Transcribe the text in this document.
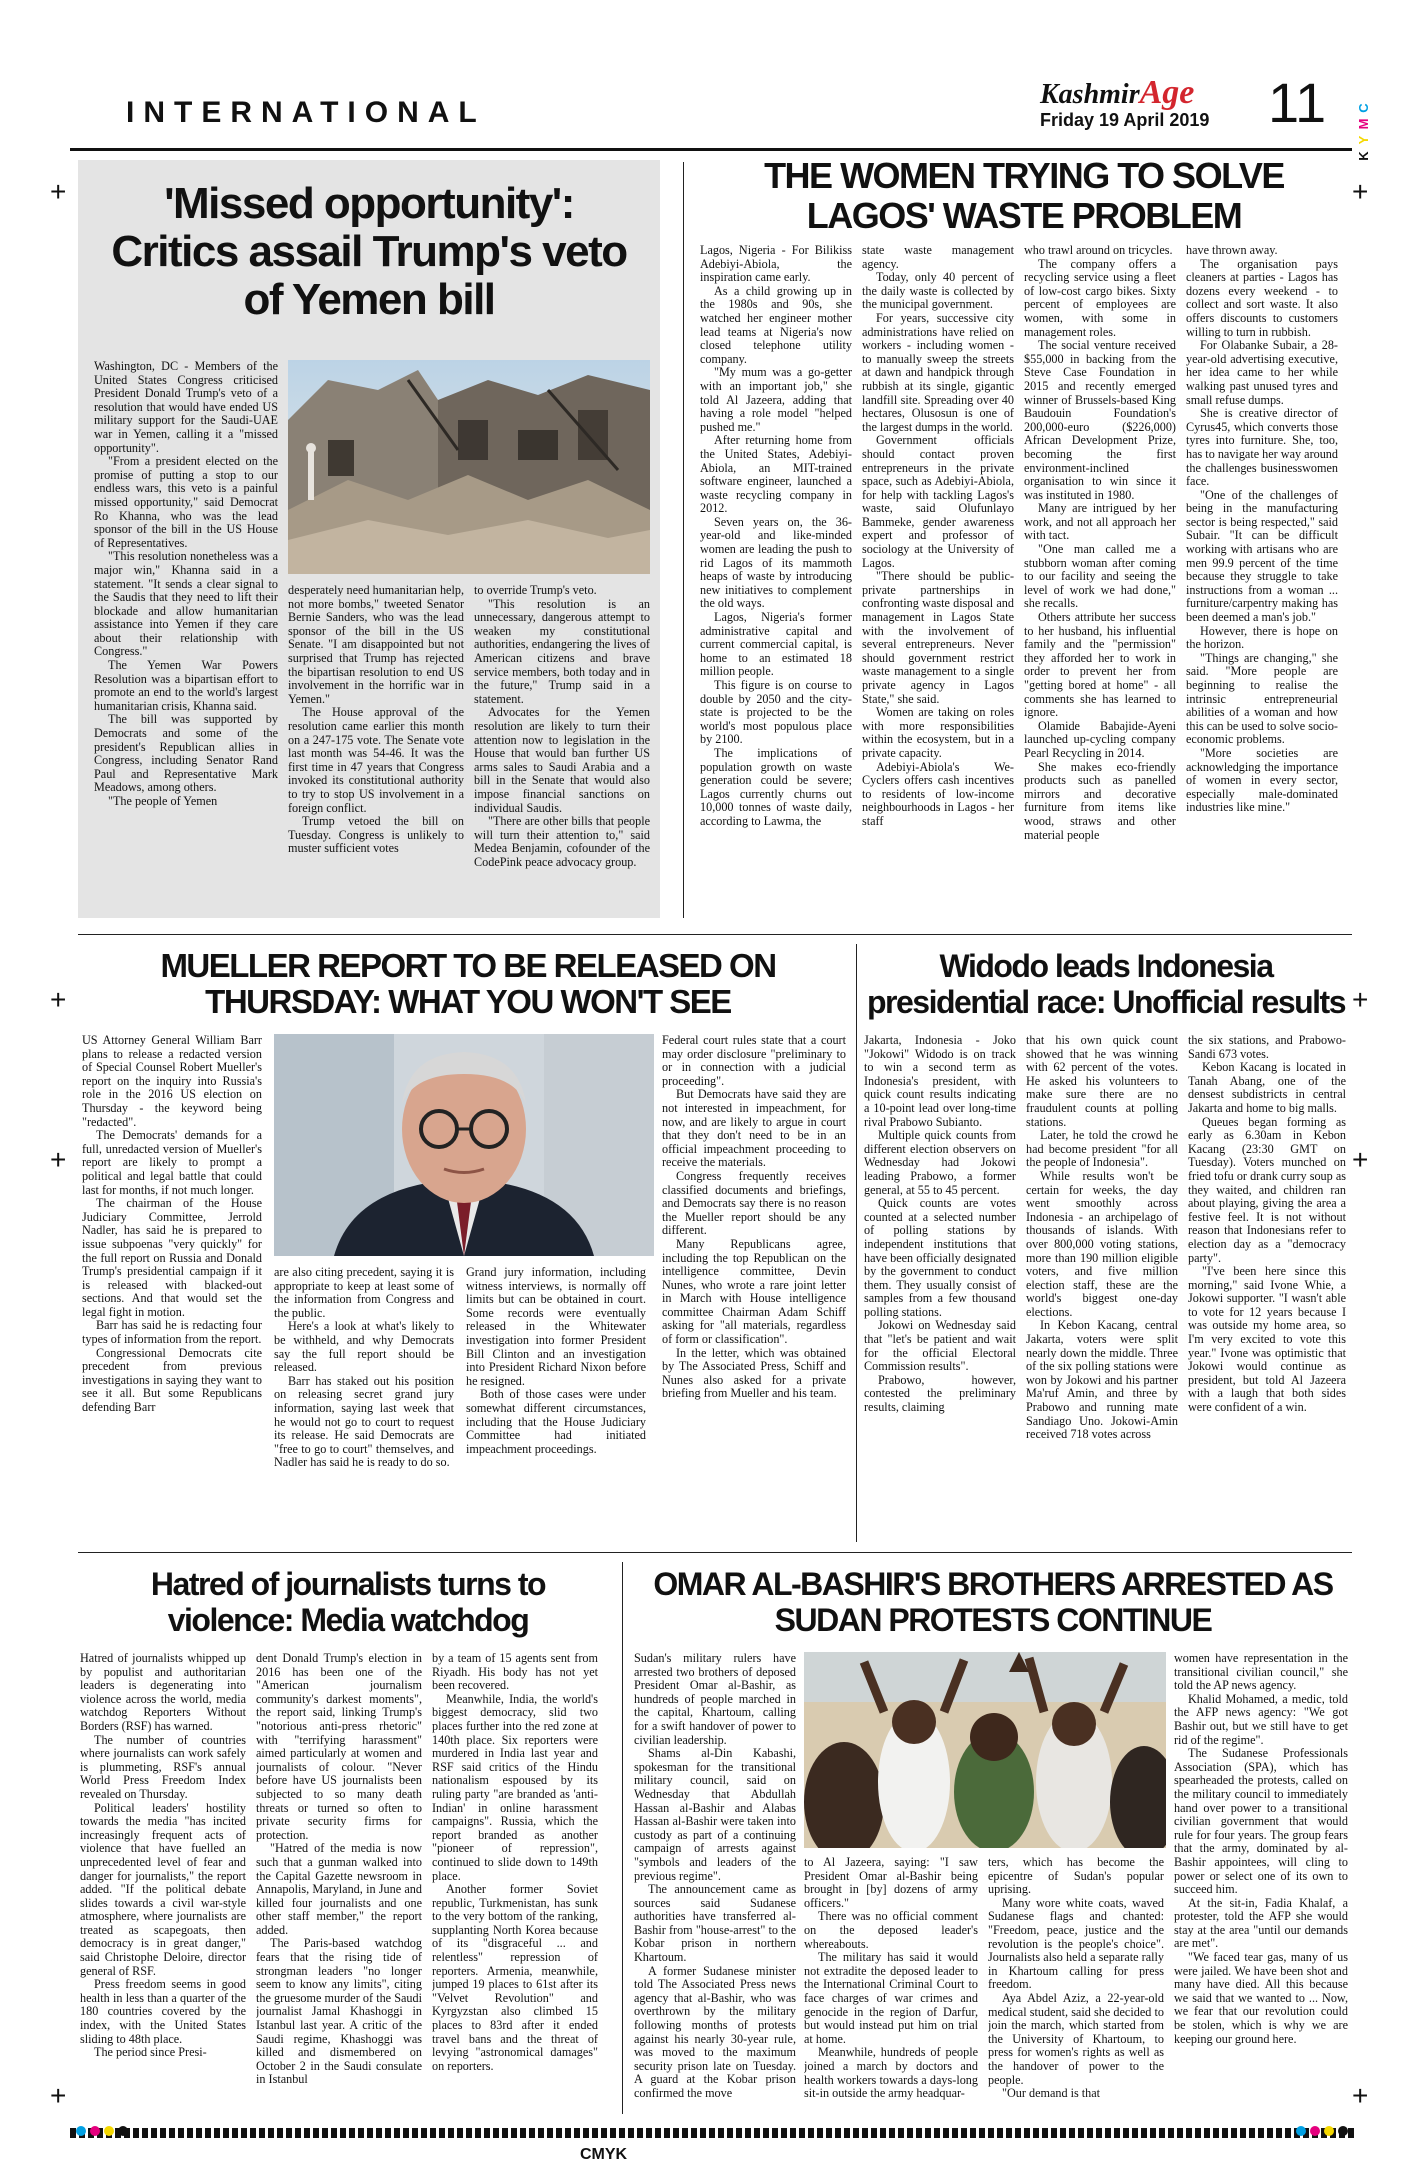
INTERNATIONAL
KashmirAge
Friday 19 April 2019 11 C
M
Y
K
+	+
+	+
+	+
+	+
'Missed opportunity': Critics assail Trump's veto of Yemen bill

Washington, DC - Members of the United States Congress criticised President Donald Trump's veto of a resolution that would have ended US military support for the Saudi-UAE war in Yemen, calling it a "missed opportunity".

"From a president elected on the promise of putting a stop to our endless wars, this veto is a painful missed opportunity," said Democrat Ro Khanna, who was the lead sponsor of the bill in the US House of Representatives.

"This resolution nonetheless was a major win," Khanna said in a statement. "It sends a clear signal to the Saudis that they need to lift their blockade and allow humanitarian assistance into Yemen if they care about their relationship with Congress."

The Yemen War Powers Resolution was a bipartisan effort to promote an end to the world's largest humanitarian crisis, Khanna said.

The bill was supported by Democrats and some of the president's Republican allies in Congress, including Senator Rand Paul and Representative Mark Meadows, among others.

"The people of Yemen

desperately need humanitarian help, not more bombs," tweeted Senator Bernie Sanders, who was the lead sponsor of the bill in the US Senate. "I am disappointed but not surprised that Trump has rejected the bipartisan resolution to end US involvement in the horrific war in Yemen."

The House approval of the resolution came earlier this month on a 247-175 vote. The Senate vote last month was 54-46. It was the first time in 47 years that Congress invoked its constitutional authority to try to stop US involvement in a foreign conflict.

Trump vetoed the bill on Tuesday. Congress is unlikely to muster sufficient votes

to override Trump's veto.

"This resolution is an unnecessary, dangerous attempt to weaken my constitutional authorities, endangering the lives of American citizens and brave service members, both today and in the future," Trump said in a statement.

Advocates for the Yemen resolution are likely to turn their attention now to legislation in the House that would ban further US arms sales to Saudi Arabia and a bill in the Senate that would also impose financial sanctions on individual Saudis.

"There are other bills that people will turn their attention to," said Medea Benjamin, cofounder of the CodePink peace advocacy group.

THE WOMEN TRYING TO SOLVE LAGOS' WASTE PROBLEM

Lagos, Nigeria - For Bilikiss Adebiyi-Abiola, the inspiration came early.

As a child growing up in the 1980s and 90s, she watched her engineer mother lead teams at Nigeria's now closed telephone utility company.

"My mum was a go-getter with an important job," she told Al Jazeera, adding that having a role model "helped pushed me."

After returning home from the United States, Adebiyi-Abiola, an MIT-trained software engineer, launched a waste recycling company in 2012.

Seven years on, the 36-year-old and like-minded women are leading the push to rid Lagos of its mammoth heaps of waste by introducing new initiatives to complement the old ways.

Lagos, Nigeria's former administrative capital and current commercial capital, is home to an estimated 18 million people.

This figure is on course to double by 2050 and the city-state is projected to be the world's most populous place by 2100.

The implications of population growth on waste generation could be severe; Lagos currently churns out 10,000 tonnes of waste daily, according to Lawma, the

state waste management agency.

Today, only 40 percent of the daily waste is collected by the municipal government.

For years, successive city administrations have relied on workers - including women - to manually sweep the streets at dawn and handpick through rubbish at its single, gigantic landfill site. Spreading over 40 hectares, Olusosun is one of the largest dumps in the world.

Government officials should contact proven entrepreneurs in the private space, such as Adebiyi-Abiola, for help with tackling Lagos's waste, said Olufunlayo Bammeke, gender awareness expert and professor of sociology at the University of Lagos.

"There should be public-private partnerships in confronting waste disposal and management in Lagos State with the involvement of several entrepreneurs. Never should government restrict waste management to a single private agency in Lagos State," she said.

Women are taking on roles with more responsibilities within the ecosystem, but in a private capacity.

Adebiyi-Abiola's We-Cyclers offers cash incentives to residents of low-income neighbourhoods in Lagos - her staff

who trawl around on tricycles.

The company offers a recycling service using a fleet of low-cost cargo bikes. Sixty percent of employees are women, with some in management roles.

The social venture received $55,000 in backing from the Steve Case Foundation in 2015 and recently emerged winner of Brussels-based King Baudouin Foundation's 200,000-euro ($226,000) African Development Prize, becoming the first environment-inclined organisation to win since it was instituted in 1980.

Many are intrigued by her work, and not all approach her with tact.

"One man called me a stubborn woman after coming to our facility and seeing the level of work we had done," she recalls.

Others attribute her success to her husband, his influential family and the "permission" they afforded her to work in order to prevent her from "getting bored at home" - all comments she has learned to ignore.

Olamide Babajide-Ayeni launched up-cycling company Pearl Recycling in 2014.

She makes eco-friendly products such as panelled mirrors and decorative furniture from items like wood, straws and other material people

have thrown away.

The organisation pays cleaners at parties - Lagos has dozens every weekend - to collect and sort waste. It also offers discounts to customers willing to turn in rubbish.

For Olabanke Subair, a 28-year-old advertising executive, her idea came to her while walking past unused tyres and small refuse dumps.

She is creative director of Cyrus45, which converts those tyres into furniture. She, too, has to navigate her way around the challenges businesswomen face.

"One of the challenges of being in the manufacturing sector is being respected," said Subair. "It can be difficult working with artisans who are men 99.9 percent of the time because they struggle to take instructions from a woman ... furniture/carpentry making has been deemed a man's job."

However, there is hope on the horizon.

"Things are changing," she said. "More people are beginning to realise the intrinsic entrepreneurial abilities of a woman and how this can be used to solve socio-economic problems.

"More societies are acknowledging the importance of women in every sector, especially male-dominated industries like mine."

MUELLER REPORT TO BE RELEASED ON THURSDAY: WHAT YOU WON'T SEE

US Attorney General William Barr plans to release a redacted version of Special Counsel Robert Mueller's report on the inquiry into Russia's role in the 2016 US election on Thursday - the keyword being "redacted".

The Democrats' demands for a full, unredacted version of Mueller's report are likely to prompt a political and legal battle that could last for months, if not much longer.

The chairman of the House Judiciary Committee, Jerrold Nadler, has said he is prepared to issue subpoenas "very quickly" for the full report on Russia and Donald Trump's presidential campaign if it is released with blacked-out sections. And that would set the legal fight in motion.

Barr has said he is redacting four types of information from the report.

Congressional Democrats cite precedent from previous investigations in saying they want to see it all. But some Republicans defending Barr

are also citing precedent, saying it is appropriate to keep at least some of the information from Congress and the public.

Here's a look at what's likely to be withheld, and why Democrats say the full report should be released.

Barr has staked out his position on releasing secret grand jury information, saying last week that he would not go to court to request its release. He said Democrats are "free to go to court" themselves, and Nadler has said he is ready to do so.

Grand jury information, including witness interviews, is normally off limits but can be obtained in court. Some records were eventually released in the Whitewater investigation into former President Bill Clinton and an investigation into President Richard Nixon before he resigned.

Both of those cases were under somewhat different circumstances, including that the House Judiciary Committee had initiated impeachment proceedings.

Federal court rules state that a court may order disclosure "preliminary to or in connection with a judicial proceeding".

But Democrats have said they are not interested in impeachment, for now, and are likely to argue in court that they don't need to be in an official impeachment proceeding to receive the materials.

Congress frequently receives classified documents and briefings, and Democrats say there is no reason the Mueller report should be any different.

Many Republicans agree, including the top Republican on the intelligence committee, Devin Nunes, who wrote a rare joint letter in March with House intelligence committee Chairman Adam Schiff asking for "all materials, regardless of form or classification".

In the letter, which was obtained by The Associated Press, Schiff and Nunes also asked for a private briefing from Mueller and his team.

Widodo leads Indonesia presidential race: Unofficial results

Jakarta, Indonesia - Joko "Jokowi" Widodo is on track to win a second term as Indonesia's president, with quick count results indicating a 10-point lead over long-time rival Prabowo Subianto.

Multiple quick counts from different election observers on Wednesday had Jokowi leading Prabowo, a former general, at 55 to 45 percent.

Quick counts are votes counted at a selected number of polling stations by independent institutions that have been officially designated by the government to conduct them. They usually consist of samples from a few thousand polling stations.

Jokowi on Wednesday said that "let's be patient and wait for the official Electoral Commission results".

Prabowo, however, contested the preliminary results, claiming

that his own quick count showed that he was winning with 62 percent of the votes. He asked his volunteers to make sure there are no fraudulent counts at polling stations.

Later, he told the crowd he had become president "for all the people of Indonesia".

While results won't be certain for weeks, the day went smoothly across Indonesia - an archipelago of thousands of islands. With over 800,000 voting stations, more than 190 million eligible voters, and five million election staff, these are the world's biggest one-day elections.

In Kebon Kacang, central Jakarta, voters were split nearly down the middle. Three of the six polling stations were won by Jokowi and his partner Ma'ruf Amin, and three by Prabowo and running mate Sandiago Uno. Jokowi-Amin received 718 votes across

the six stations, and Prabowo-Sandi 673 votes.

Kebon Kacang is located in Tanah Abang, one of the densest subdistricts in central Jakarta and home to big malls.

Queues began forming as early as 6.30am in Kebon Kacang (23:30 GMT on Tuesday). Voters munched on fried tofu or drank curry soup as they waited, and children ran about playing, giving the area a festive feel. It is not without reason that Indonesians refer to election day as a "democracy party".

"I've been here since this morning," said Ivone Whie, a Jokowi supporter. "I wasn't able to vote for 12 years because I was outside my home area, so I'm very excited to vote this year." Ivone was optimistic that Jokowi would continue as president, but told Al Jazeera with a laugh that both sides were confident of a win.

Hatred of journalists turns to violence: Media watchdog

Hatred of journalists whipped up by populist and authoritarian leaders is degenerating into violence across the world, media watchdog Reporters Without Borders (RSF) has warned.

The number of countries where journalists can work safely is plummeting, RSF's annual World Press Freedom Index revealed on Thursday.

Political leaders' hostility towards the media "has incited increasingly frequent acts of violence that have fuelled an unprecedented level of fear and danger for journalists," the report added. "If the political debate slides towards a civil war-style atmosphere, where journalists are treated as scapegoats, then democracy is in great danger," said Christophe Deloire, director general of RSF.

Press freedom seems in good health in less than a quarter of the 180 countries covered by the index, with the United States sliding to 48th place.

The period since Presi-

dent Donald Trump's election in 2016 has been one of the "American journalism community's darkest moments", the report said, linking Trump's "notorious anti-press rhetoric" with "terrifying harassment" aimed particularly at women and journalists of colour. "Never before have US journalists been subjected to so many death threats or turned so often to private security firms for protection.

"Hatred of the media is now such that a gunman walked into the Capital Gazette newsroom in Annapolis, Maryland, in June and killed four journalists and one other staff member," the report added.

The Paris-based watchdog fears that the rising tide of strongman leaders "no longer seem to know any limits", citing the gruesome murder of the Saudi journalist Jamal Khashoggi in Istanbul last year. A critic of the Saudi regime, Khashoggi was killed and dismembered on October 2 in the Saudi consulate in Istanbul

by a team of 15 agents sent from Riyadh. His body has not yet been recovered.

Meanwhile, India, the world's biggest democracy, slid two places further into the red zone at 140th place. Six reporters were murdered in India last year and RSF said critics of the Hindu nationalism espoused by its ruling party "are branded as 'anti-Indian' in online harassment campaigns". Russia, which the report branded as another "pioneer of repression", continued to slide down to 149th place.

Another former Soviet republic, Turkmenistan, has sunk to the very bottom of the ranking, supplanting North Korea because of its "disgraceful ... and relentless" repression of reporters. Armenia, meanwhile, jumped 19 places to 61st after its "Velvet Revolution" and Kyrgyzstan also climbed 15 places to 83rd after it ended travel bans and the threat of levying "astronomical damages" on reporters.

OMAR AL-BASHIR'S BROTHERS ARRESTED AS SUDAN PROTESTS CONTINUE

Sudan's military rulers have arrested two brothers of deposed President Omar al-Bashir, as hundreds of people marched in the capital, Khartoum, calling for a swift handover of power to civilian leadership.

Shams al-Din Kabashi, spokesman for the transitional military council, said on Wednesday that Abdullah Hassan al-Bashir and Alabas Hassan al-Bashir were taken into custody as part of a continuing campaign of arrests against "symbols and leaders of the previous regime".

The announcement came as sources said Sudanese authorities have transferred al-Bashir from "house-arrest" to the Kobar prison in northern Khartoum.

A former Sudanese minister told The Associated Press news agency that al-Bashir, who was overthrown by the military following months of protests against his nearly 30-year rule, was moved to the maximum security prison late on Tuesday. A guard at the Kobar prison confirmed the move

to Al Jazeera, saying: "I saw President Omar al-Bashir being brought in [by] dozens of army officers."

There was no official comment on the deposed leader's whereabouts.

The military has said it would not extradite the deposed leader to the International Criminal Court to face charges of war crimes and genocide in the region of Darfur, but would instead put him on trial at home.

Meanwhile, hundreds of people joined a march by doctors and health workers towards a days-long sit-in outside the army headquar-

ters, which has become the epicentre of Sudan's popular uprising.

Many wore white coats, waved Sudanese flags and chanted: "Freedom, peace, justice and the revolution is the people's choice". Journalists also held a separate rally in Khartoum calling for press freedom.

Aya Abdel Aziz, a 22-year-old medical student, said she decided to join the march, which started from the University of Khartoum, to press for women's rights as well as the handover of power to the people.

"Our demand is that

women have representation in the transitional civilian council," she told the AP news agency.

Khalid Mohamed, a medic, told the AFP news agency: "We got Bashir out, but we still have to get rid of the regime".

The Sudanese Professionals Association (SPA), which has spearheaded the protests, called on the military council to immediately hand over power to a transitional civilian government that would rule for four years. The group fears that the army, dominated by al-Bashir appointees, will cling to power or select one of its own to succeed him.

At the sit-in, Fadia Khalaf, a protester, told the AFP she would stay at the area "until our demands are met".

"We faced tear gas, many of us were jailed. We have been shot and many have died. All this because we said that we wanted to ... Now, we fear that our revolution could be stolen, which is why we are keeping our ground here.

CMYK
